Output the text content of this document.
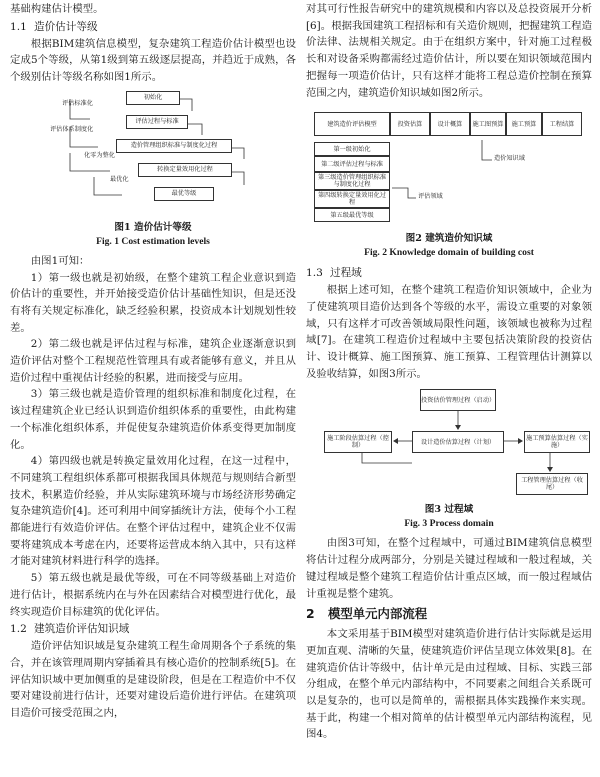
基础构建估计模型。

1.1 造价估计等级

根据BIM建筑信息模型，复杂建筑工程造价估计模型也设定成5个等级，从第1级到第五级逐层提高，并趋近于成熟，各个级别估计等级名称如图1所示。

初始化
评估过程与标准
造价管理组织标准与制度化过程
转换定量效用化过程
最优等级
评估标准化
评估体系制度化
化零为整化
最优化

图1 造价估计等级

Fig. 1 Cost estimation levels

由图1可知：

1）第一级也就是初始级，在整个建筑工程企业意识到造价估计的重要性，并开始接受造价估计基础性知识，但是还没有将有关规定标准化，缺乏经验积累，投资成本计划规划性较差。

2）第二级也就是评估过程与标准，建筑企业逐渐意识到造价评估对整个工程规范性管理具有或者能够有意义，并且从造价过程中重视估计经验的积累，进而接受与应用。

3）第三级也就是造价管理的组织标准和制度化过程，在该过程建筑企业已经认识到造价组织体系的重要性，由此构建一个标准化组织体系，并促使复杂建筑造价体系变得更加制度化。

4）第四级也就是转换定量效用化过程，在这一过程中，不同建筑工程组织体系都可根据我国具体规范与规则结合新型技术，积累造价经验，并从实际建筑环境与市场经济形势确定复杂建筑造价[4]。还可利用中间穿插统计方法，使每个小工程都能进行有效造价评估。在整个评估过程中，建筑企业不仅需要将建筑成本考虑在内，还要将运营成本纳入其中，只有这样才能对建筑材料进行科学的选择。

5）第五级也就是最优等级，可在不同等级基础上对造价进行估计，根据系统内在与外在因素结合对模型进行优化，最终实现造价目标建筑的优化评估。

1.2 建筑造价评估知识域

造价评估知识域是复杂建筑工程生命周期各个子系统的集合，并在该管理周期内穿插着具有核心造价的控制系统[5]。在评估知识域中更加侧重的是建设阶段，但是在工程造价中不仅要对建设前进行估计，还要对建设后造价进行评估。在建筑项目造价可接受范围之内，

对其可行性报告研究中的建筑规模和内容以及总投资展开分析[6]。根据我国建筑工程招标和有关造价规则，把握建筑工程造价法律、法规相关规定。由于在组织方案中，针对施工过程极长和对设备采购都需经过造价估计，所以要在知识领域范围内把握每一项造价估计，只有这样才能将工程总造价控制在预算范围之内，建筑造价知识域如图2所示。

建筑造价评估模型	投资估算	设计概算	施工图预算	施工预算	工程结算
第一级初始化
第二级评估过程与标准
第三级造价管理组织标准与制度化过程
第四级转换定量效用化过程
第五级最优等级
造价知识域
评估领域

图2 建筑造价知识域

Fig. 2 Knowledge domain of building cost

1.3 过程域

根据上述可知，在整个建筑工程造价知识领域中，企业为了使建筑项目造价达到各个等级的水平，需设立重要的对象领域，只有这样才可改善领域局限性问题，该领域也被称为过程域[7]。在建筑工程造价过程域中主要包括决策阶段的投资估计、设计概算、施工图预算、施工预算、工程管理估计测算以及验收结算，如图3所示。

投资估价管理过程（启动）
施工阶段估算过程（控制）
设计造价估算过程（计划）
施工预算估算过程（实施）
工程管理估算过程（收尾）

图3 过程域

Fig. 3 Process domain

由图3可知，在整个过程域中，可通过BIM建筑信息模型将估计过程分成两部分，分别是关键过程域和一般过程域，关键过程域是整个建筑工程造价估计重点区域，而一般过程域估计重视是整个建筑。

2 模型单元内部流程

本文采用基于BIM模型对建筑造价进行估计实际就是运用更加直观、清晰的矢量，使建筑造价评估呈现立体效果[8]。在建筑造价估计等级中，估计单元是由过程域、目标、实践三部分组成，在整个单元内部结构中，不同要素之间组合关系既可以是复杂的，也可以是简单的，需根据具体实践操作来实现。基于此，构建一个相对简单的估计模型单元内部结构流程，见图4。
